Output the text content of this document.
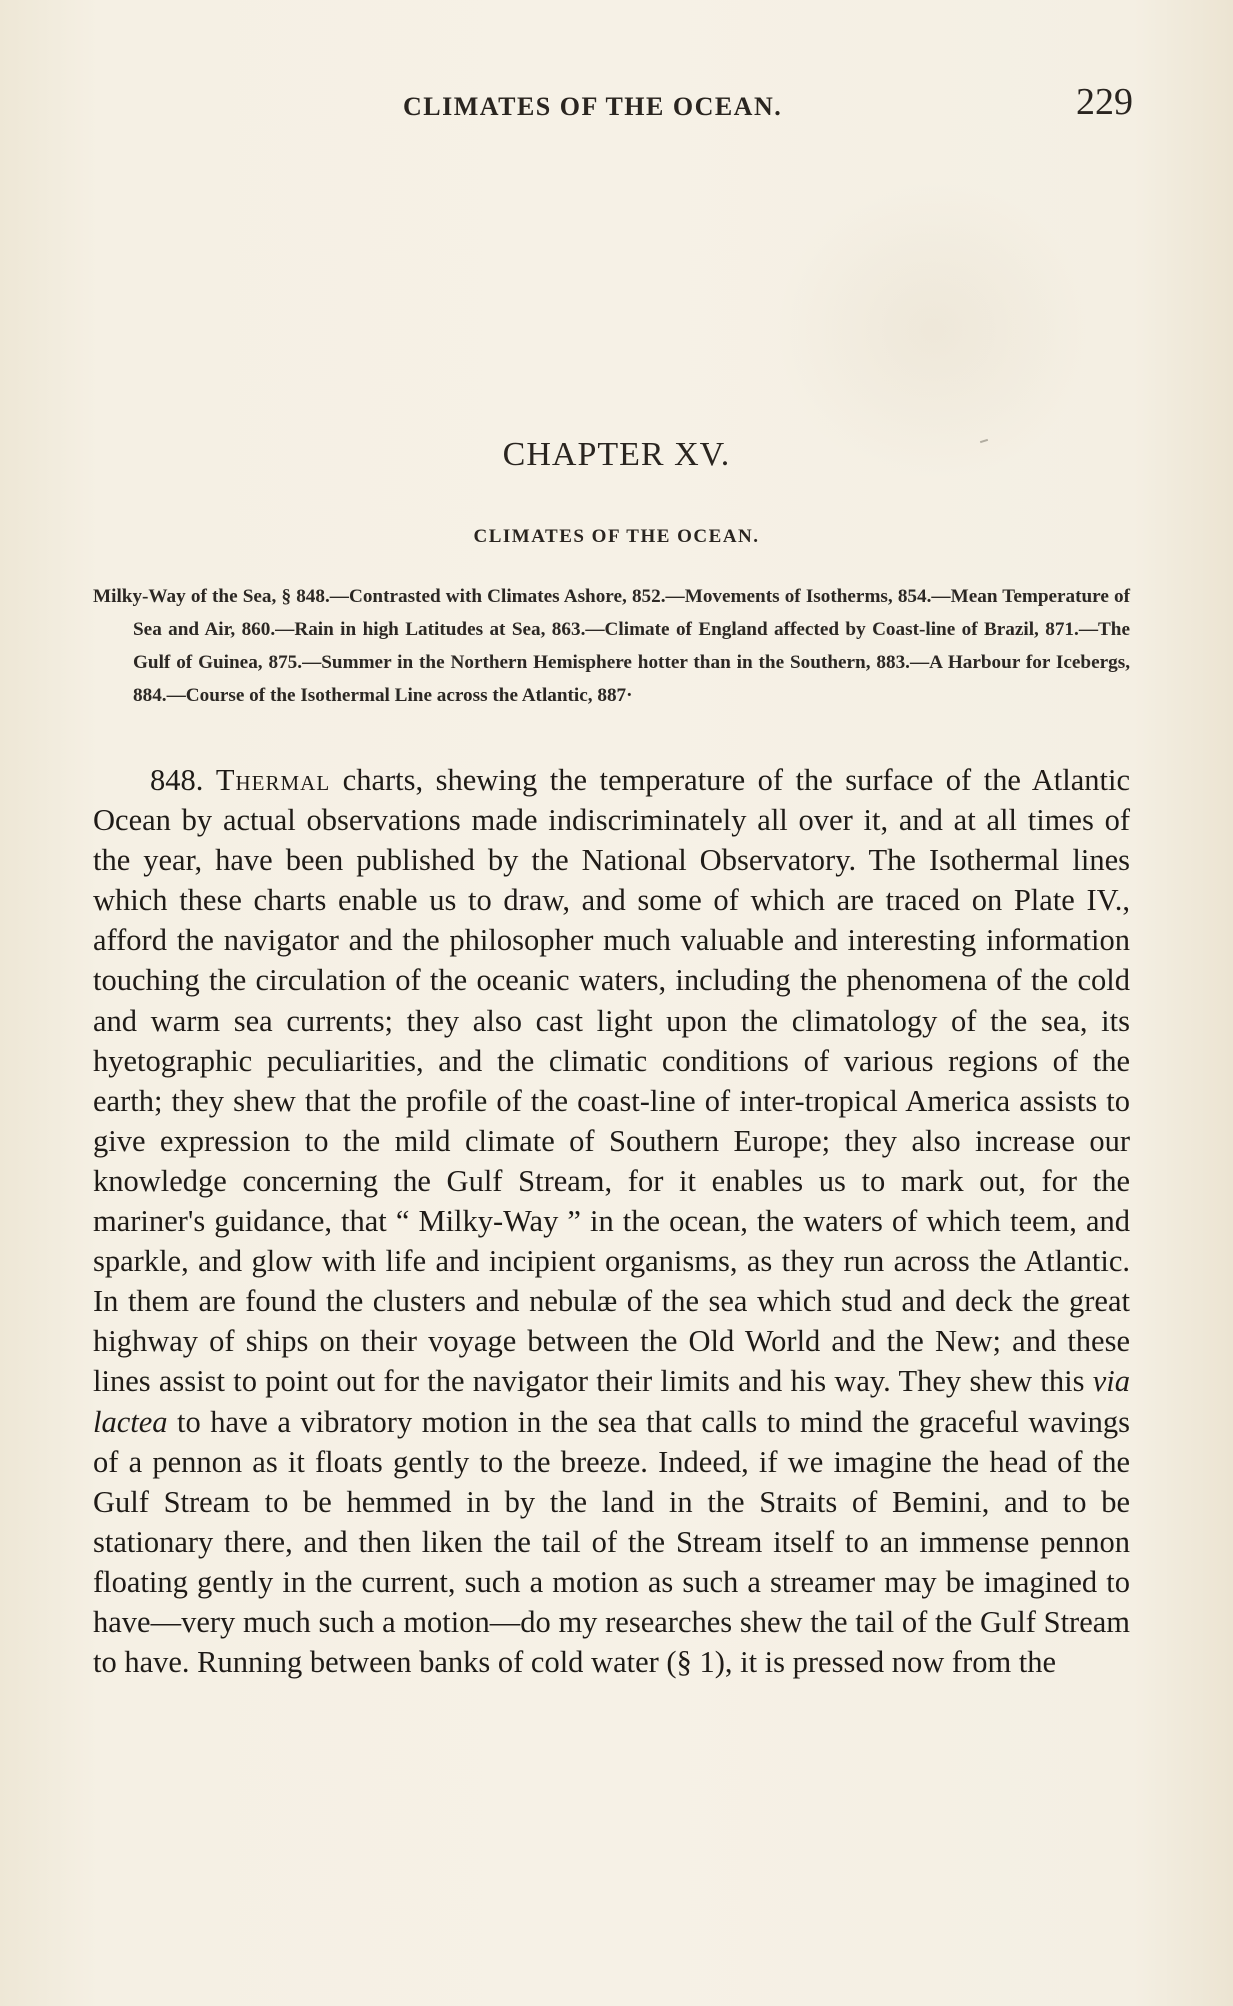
CLIMATES OF THE OCEAN.	229
CHAPTER XV.
CLIMATES OF THE OCEAN.

Milky-Way of the Sea, § 848.—Contrasted with Climates Ashore, 852.—Movements of Isotherms, 854.—Mean Temperature of Sea and Air, 860.—Rain in high Latitudes at Sea, 863.—Climate of England affected by Coast-line of Brazil, 871.—The Gulf of Guinea, 875.—Summer in the Northern Hemisphere hotter than in the Southern, 883.—A Harbour for Icebergs, 884.—Course of the Isothermal Line across the Atlantic, 887·

848. Thermal charts, shewing the temperature of the surface of the Atlantic Ocean by actual observations made indiscriminately all over it, and at all times of the year, have been published by the National Observatory. The Isothermal lines which these charts enable us to draw, and some of which are traced on Plate IV., afford the navigator and the philosopher much valuable and interesting information touching the circulation of the oceanic waters, including the phenomena of the cold and warm sea currents; they also cast light upon the climatology of the sea, its hyetographic peculiarities, and the climatic conditions of various regions of the earth; they shew that the profile of the coast-line of inter-tropical America assists to give expression to the mild climate of Southern Europe; they also increase our knowledge concerning the Gulf Stream, for it enables us to mark out, for the mariner's guidance, that “ Milky-Way ” in the ocean, the waters of which teem, and sparkle, and glow with life and incipient organisms, as they run across the Atlantic. In them are found the clusters and nebulæ of the sea which stud and deck the great highway of ships on their voyage between the Old World and the New; and these lines assist to point out for the navigator their limits and his way. They shew this via lactea to have a vibratory motion in the sea that calls to mind the graceful wavings of a pennon as it floats gently to the breeze. Indeed, if we imagine the head of the Gulf Stream to be hemmed in by the land in the Straits of Bemini, and to be stationary there, and then liken the tail of the Stream itself to an immense pennon floating gently in the current, such a motion as such a streamer may be imagined to have—very much such a motion—do my researches shew the tail of the Gulf Stream to have. Running between banks of cold water (§ 1), it is pressed now from the
